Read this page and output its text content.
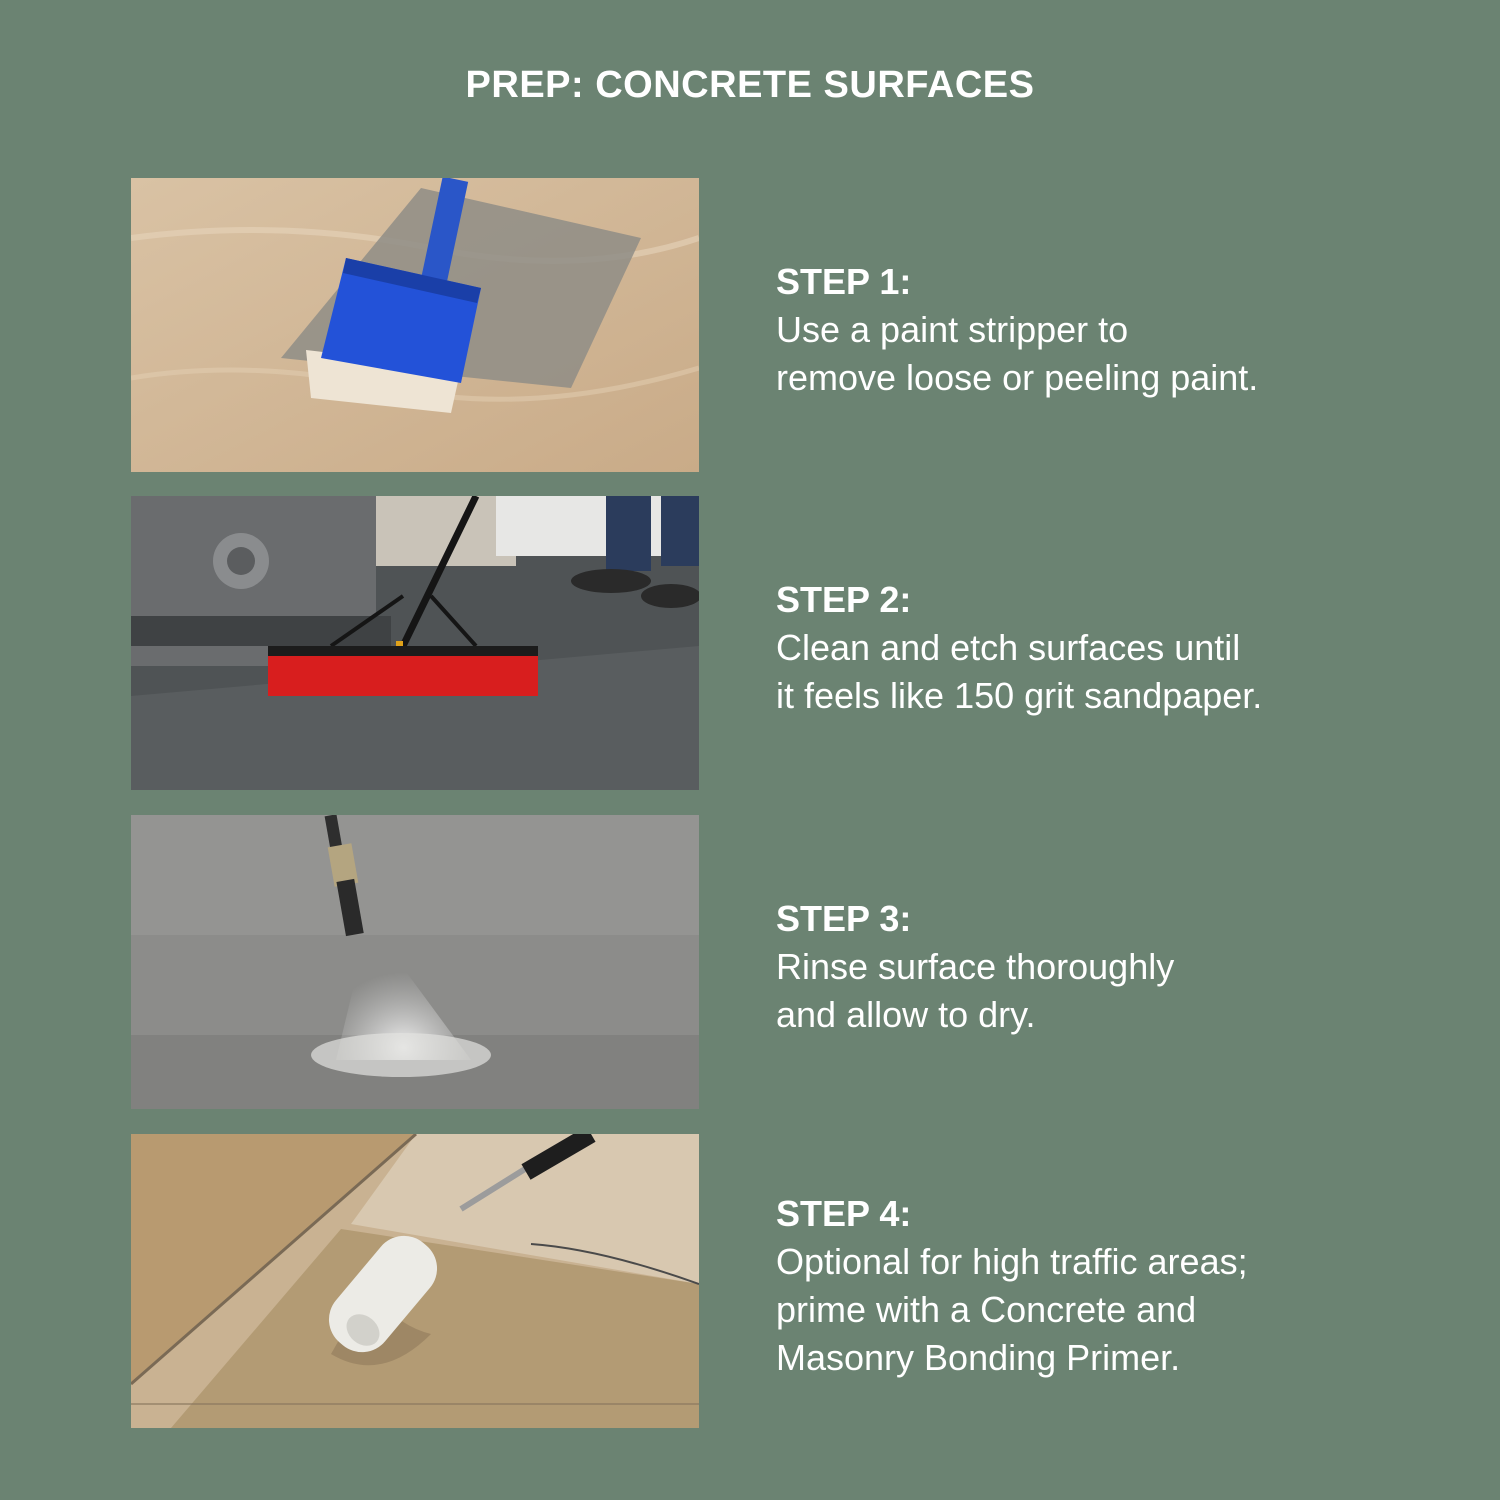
PREP: CONCRETE SURFACES
STEP 1:

Use a paint stripper to
remove loose or peeling paint.

STEP 2:

Clean and etch surfaces until
it feels like 150 grit sandpaper.

STEP 3:

Rinse surface thoroughly
and allow to dry.

STEP 4:

Optional for high traffic areas;
prime with a Concrete and
Masonry Bonding Primer.
